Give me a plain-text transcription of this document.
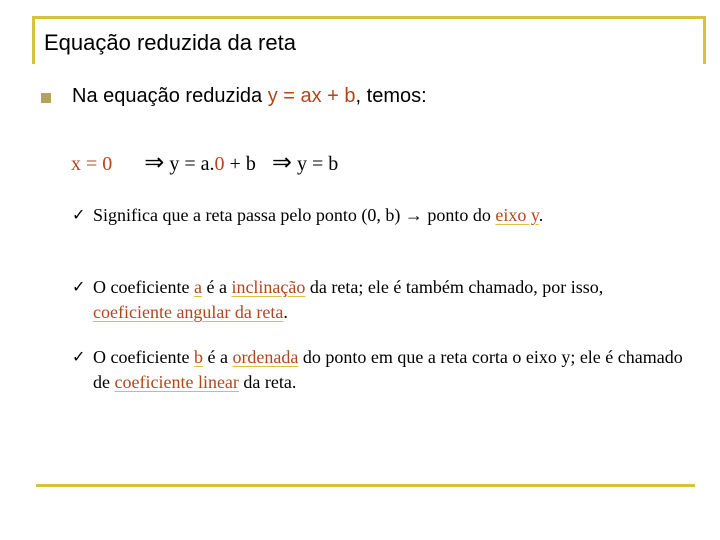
Equação reduzida da reta
Na equação reduzida y = ax + b, temos:
x = 0 ⇒ y = a.0 + b ⇒ y = b
✓ Significa que a reta passa pelo ponto (0, b) → ponto do eixo y.
✓ O coeficiente a é a inclinação da reta; ele é também chamado, por isso, coeficiente angular da reta.
✓ O coeficiente b é a ordenada do ponto em que a reta corta o eixo y; ele é chamado de coeficiente linear da reta.
